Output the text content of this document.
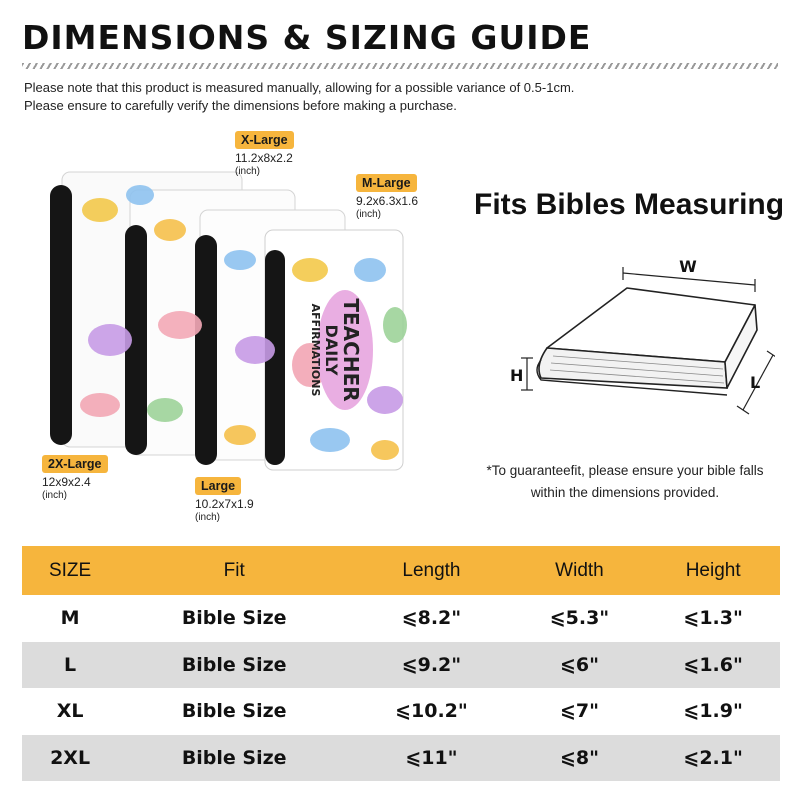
DIMENSIONS & SIZING GUIDE
Please note that this product is measured manually, allowing for a possible variance of 0.5-1cm.
Please ensure to carefully verify the dimensions before making a purchase.
TEACHER
DAILY
AFFIRMATIONS
X-Large
11.2x8x2.2
(inch)
M-Large
9.2x6.3x1.6
(inch)
2X-Large
12x9x2.4
(inch)
Large
10.2x7x1.9
(inch)
Fits Bibles Measuring
W
H	L
*To guaranteefit, please ensure your bible falls
within the dimensions provided.
SIZE	Fit	Length	Width	Height
M	Bible Size	⩽8.2"	⩽5.3"	⩽1.3"
L	Bible Size	⩽9.2"	⩽6"	⩽1.6"
XL	Bible Size	⩽10.2"	⩽7"	⩽1.9"
2XL	Bible Size	⩽11"	⩽8"	⩽2.1"
